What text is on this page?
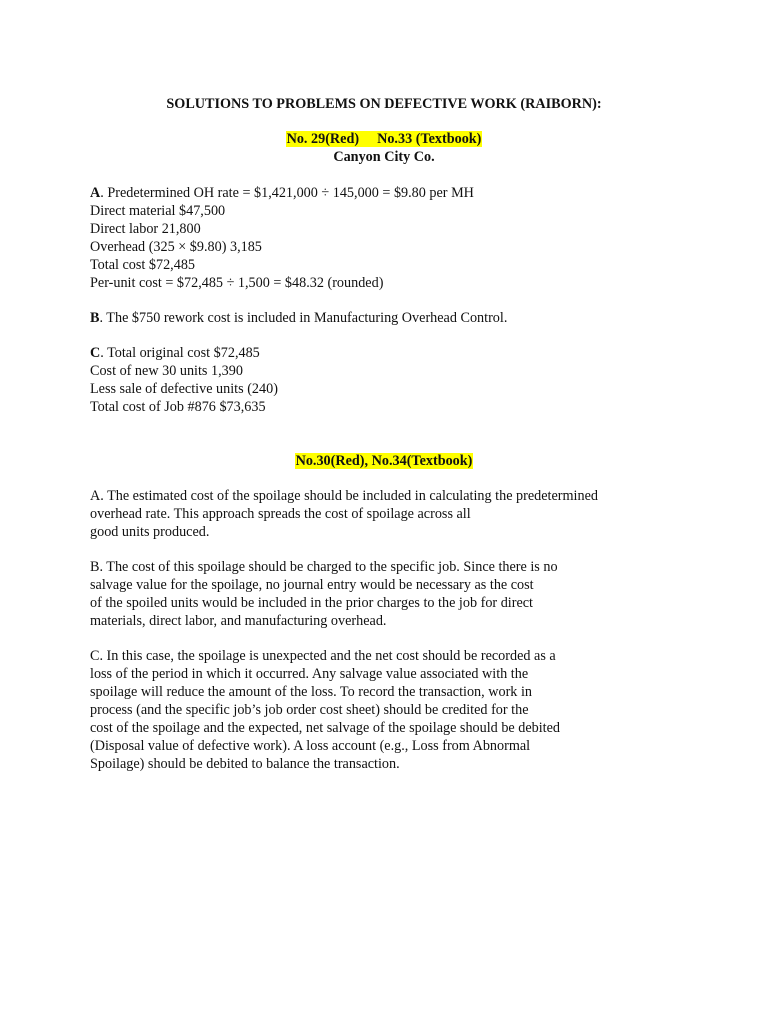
SOLUTIONS TO PROBLEMS ON DEFECTIVE WORK (RAIBORN):
No. 29(Red) No.33 (Textbook)
Canyon City Co.
A. Predetermined OH rate = $1,421,000 ÷ 145,000 = $9.80 per MH
Direct material $47,500
Direct labor 21,800
Overhead (325 × $9.80) 3,185
Total cost $72,485
Per-unit cost = $72,485 ÷ 1,500 = $48.32 (rounded)
B. The $750 rework cost is included in Manufacturing Overhead Control.
C. Total original cost $72,485
Cost of new 30 units 1,390
Less sale of defective units (240)
Total cost of Job #876 $73,635
No.30(Red), No.34(Textbook)
A. The estimated cost of the spoilage should be included in calculating the predetermined
overhead rate. This approach spreads the cost of spoilage across all
good units produced.
B. The cost of this spoilage should be charged to the specific job. Since there is no
salvage value for the spoilage, no journal entry would be necessary as the cost
of the spoiled units would be included in the prior charges to the job for direct
materials, direct labor, and manufacturing overhead.
C. In this case, the spoilage is unexpected and the net cost should be recorded as a
loss of the period in which it occurred. Any salvage value associated with the
spoilage will reduce the amount of the loss. To record the transaction, work in
process (and the specific job’s job order cost sheet) should be credited for the
cost of the spoilage and the expected, net salvage of the spoilage should be debited
(Disposal value of defective work). A loss account (e.g., Loss from Abnormal
Spoilage) should be debited to balance the transaction.
